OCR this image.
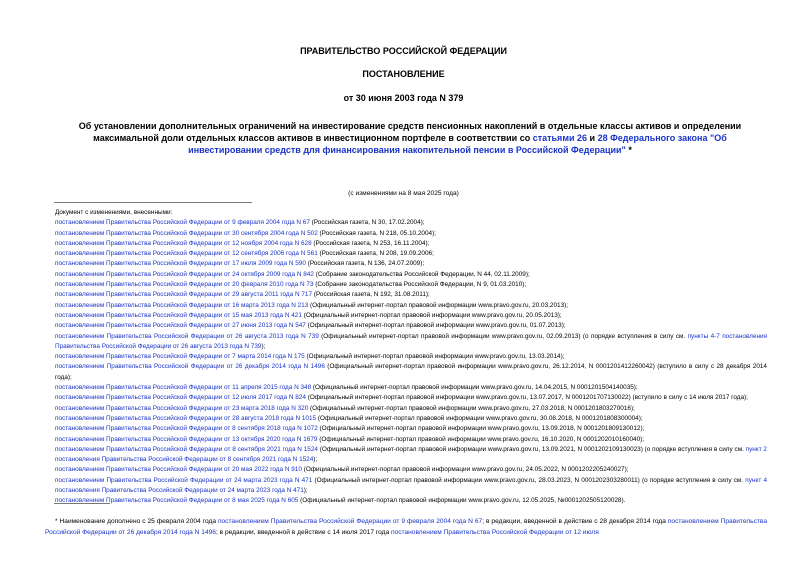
ПРАВИТЕЛЬСТВО РОССИЙСКОЙ ФЕДЕРАЦИИ
ПОСТАНОВЛЕНИЕ
от 30 июня 2003 года N 379
Об установлении дополнительных ограничений на инвестирование средств пенсионных накоплений в отдельные классы активов и определении максимальной доли отдельных классов активов в инвестиционном портфеле в соответствии со статьями 26 и 28 Федерального закона "Об инвестировании средств для финансирования накопительной пенсии в Российской Федерации" *
(с изменениями на 8 мая 2025 года)
Документ с изменениями, внесенными:
постановлением Правительства Российской Федерации от 9 февраля 2004 года N 67 (Российская газета, N 30, 17.02.2004);
постановлением Правительства Российской Федерации от 30 сентября 2004 года N 502 (Российская газета, N 218, 05.10.2004);
постановлением Правительства Российской Федерации от 12 ноября 2004 года N 628 (Российская газета, N 253, 16.11.2004);
постановлением Правительства Российской Федерации от 12 сентября 2006 года N 561 (Российская газета, N 208, 19.09.2006;
постановлением Правительства Российской Федерации от 17 июля 2009 года N 590 (Российская газета, N 136, 24.07.2009);
постановлением Правительства Российской Федерации от 24 октября 2009 года N 842 (Собрание законодательства Российской Федерации, N 44, 02.11.2009);
постановлением Правительства Российской Федерации от 20 февраля 2010 года N 73 (Собрание законодательства Российской Федерации, N 9, 01.03.2010);
постановлением Правительства Российской Федерации от 29 августа 2011 года N 717 (Российская газета, N 192, 31.08.2011);
постановлением Правительства Российской Федерации от 16 марта 2013 года N 213 (Официальный интернет-портал правовой информации www.pravo.gov.ru, 20.03.2013);
постановлением Правительства Российской Федерации от 15 мая 2013 года N 421 (Официальный интернет-портал правовой информации www.pravo.gov.ru, 20.05.2013);
постановлением Правительства Российской Федерации от 27 июня 2013 года N 547 (Официальный интернет-портал правовой информации www.pravo.gov.ru, 01.07.2013);
постановлением Правительства Российской Федерации от 26 августа 2013 года N 739 (Официальный интернет-портал правовой информации www.pravo.gov.ru, 02.09.2013) (о порядке вступления в силу см. пункты 4-7 постановления Правительства Российской Федерации от 26 августа 2013 года N 739);
постановлением Правительства Российской Федерации от 7 марта 2014 года N 175 (Официальный интернет-портал правовой информации www.pravo.gov.ru, 13.03.2014);
постановлением Правительства Российской Федерации от 26 декабря 2014 года N 1496 (Официальный интернет-портал правовой информации www.pravo.gov.ru, 26.12.2014, N 0001201412260042) (вступило в силу с 28 декабря 2014 года);
постановлением Правительства Российской Федерации от 11 апреля 2015 года N 348 (Официальный интернет-портал правовой информации www.pravo.gov.ru, 14.04.2015, N 0001201504140035);
постановлением Правительства Российской Федерации от 12 июля 2017 года N 824 (Официальный интернет-портал правовой информации www.pravo.gov.ru, 13.07.2017, N 0001201707130022) (вступило в силу с 14 июля 2017 года);
постановлением Правительства Российской Федерации от 23 марта 2018 года N 320 (Официальный интернет-портал правовой информации www.pravo.gov.ru, 27.03.2018, N 0001201803270016);
постановлением Правительства Российской Федерации от 28 августа 2018 года N 1015 (Официальный интернет-портал правовой информации www.pravo.gov.ru, 30.08.2018, N 0001201808300004);
постановлением Правительства Российской Федерации от 8 сентября 2018 года N 1072 (Официальный интернет-портал правовой информации www.pravo.gov.ru, 13.09.2018, N 0001201809130012);
постановлением Правительства Российской Федерации от 13 октября 2020 года N 1679 (Официальный интернет-портал правовой информации www.pravo.gov.ru, 16.10.2020, N 0001202010160040);
постановлением Правительства Российской Федерации от 8 сентября 2021 года N 1524 (Официальный интернет-портал правовой информации www.pravo.gov.ru, 13.09.2021, N 0001202109130023) (о порядке вступления в силу см. пункт 2 постановления Правительства Российской Федерации от 8 сентября 2021 года N 1524);
постановлением Правительства Российской Федерации от 20 мая 2022 года N 910 (Официальный интернет-портал правовой информации www.pravo.gov.ru, 24.05.2022, N 0001202205240027);
постановлением Правительства Российской Федерации от 24 марта 2023 года N 471 (Официальный интернет-портал правовой информации www.pravo.gov.ru, 28.03.2023, N 0001202303280011) (о порядке вступления в силу см. пункт 4 постановления Правительства Российской Федерации от 24 марта 2023 года N 471);
постановлением Правительства Российской Федерации от 8 мая 2025 года N 605 (Официальный интернет-портал правовой информации www.pravo.gov.ru, 12.05.2025, №0001202505120028).
* Наименование дополнено с 25 февраля 2004 года постановлением Правительства Российской Федерации от 9 февраля 2004 года N 67; в редакции, введенной в действие с 28 декабря 2014 года постановлением Правительства Российской Федерации от 26 декабря 2014 года N 1496; в редакции, введенной в действие с 14 июля 2017 года постановлением Правительства Российской Федерации от 12 июля
